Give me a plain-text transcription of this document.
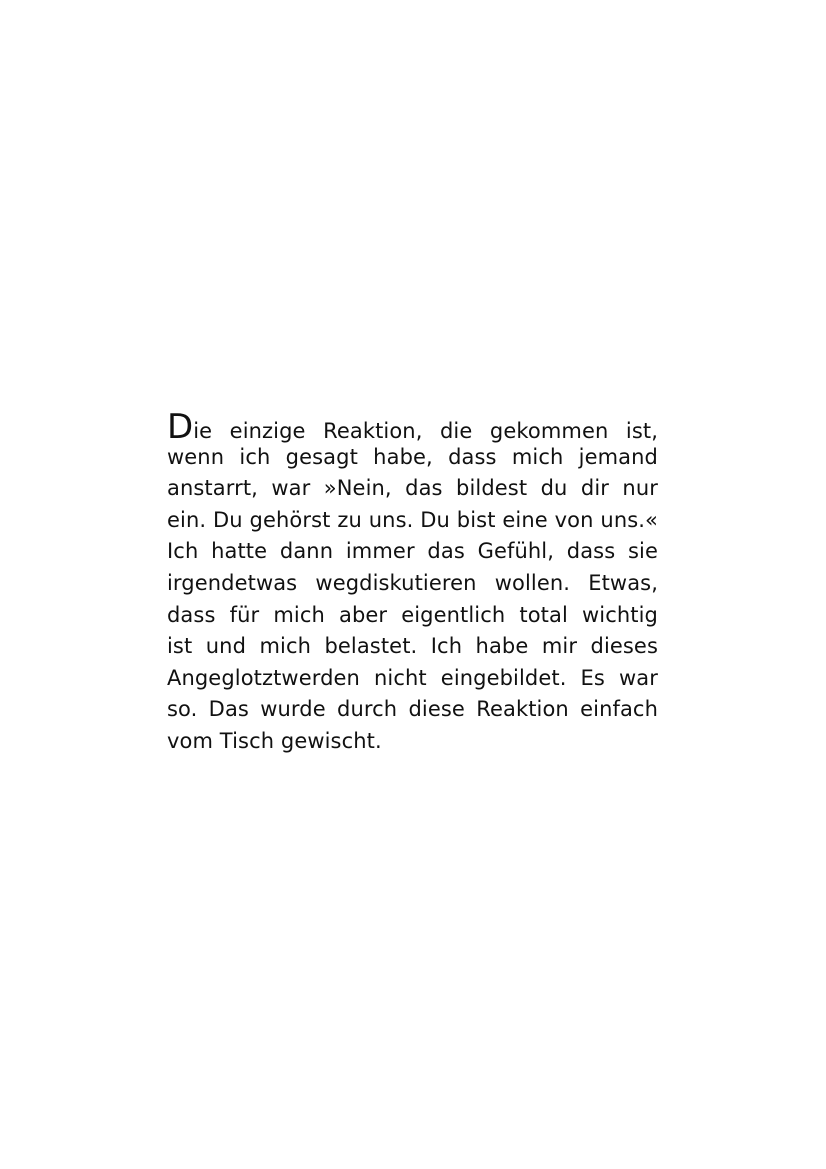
Die einzige Reaktion, die gekommen ist,
wenn ich gesagt habe, dass mich jemand
anstarrt, war »Nein, das bildest du dir nur
ein. Du gehörst zu uns. Du bist eine von uns.«
Ich hatte dann immer das Gefühl, dass sie
irgendetwas wegdiskutieren wollen. Etwas,
dass für mich aber eigentlich total wichtig
ist und mich belastet. Ich habe mir dieses
Angeglotztwerden nicht eingebildet. Es war
so. Das wurde durch diese Reaktion einfach
vom Tisch gewischt.
